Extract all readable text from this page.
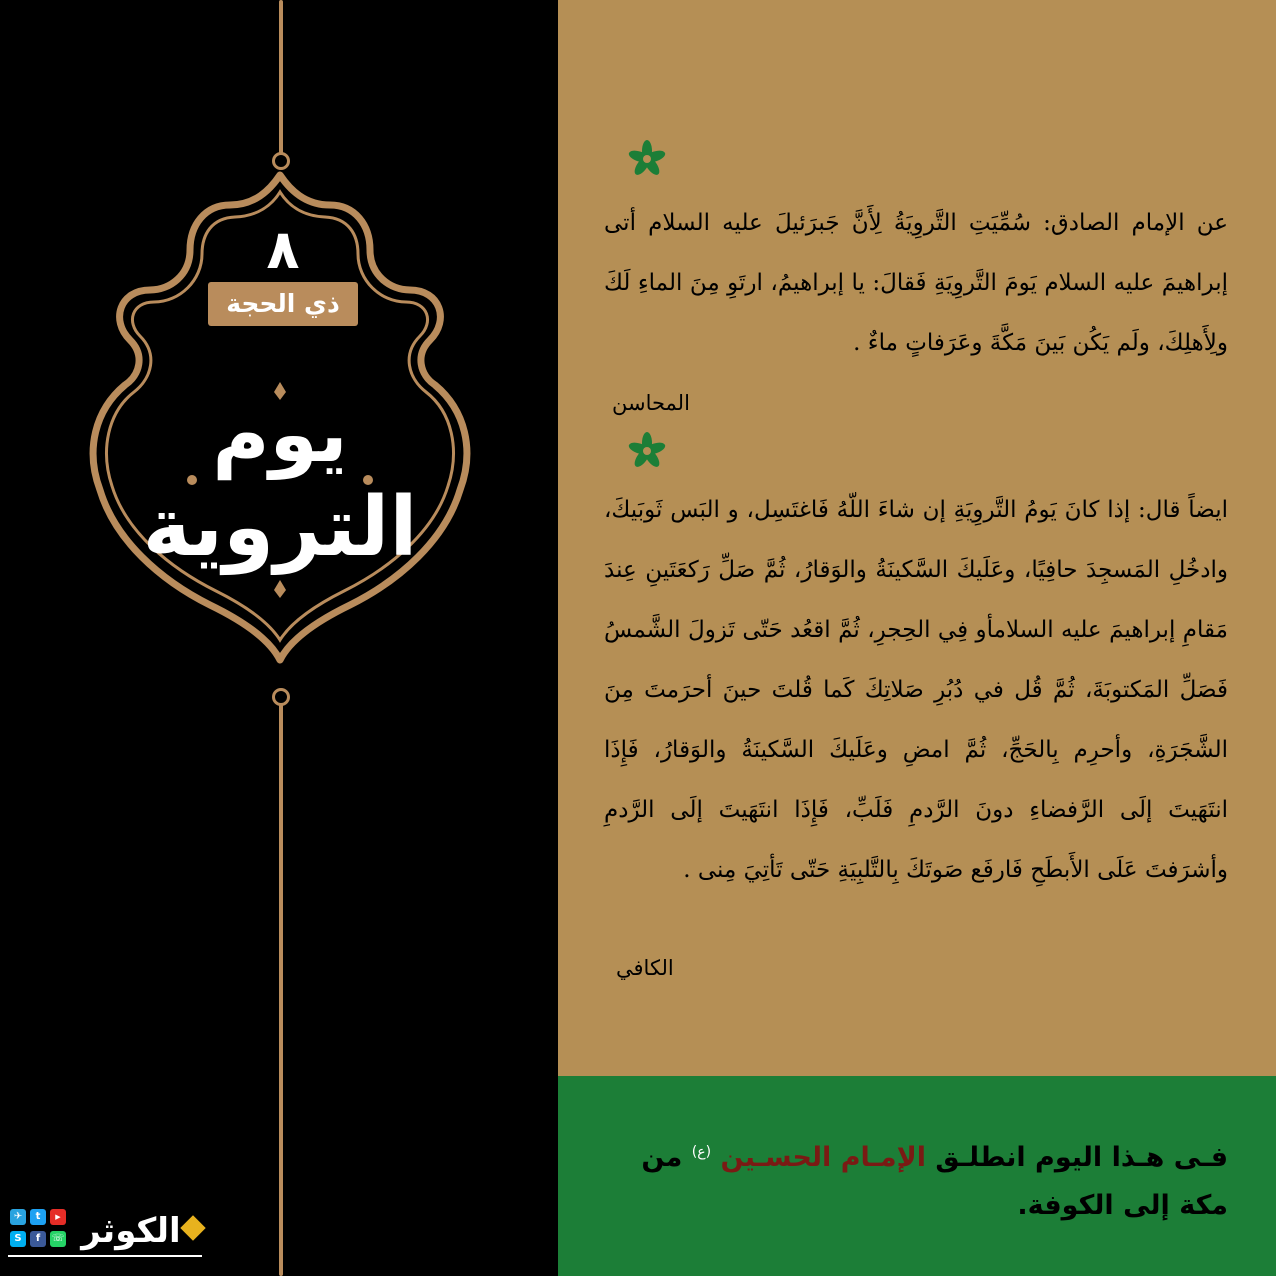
٨
ذي الحجة
يوم
التروية
✈	t	▶
S	f	☏ الكوثر

عن الإمام الصادق: سُمِّيَتِ التَّروِيَةُ لِأَنَّ جَبرَئيلَ عليه السلام أتى إبراهيمَ عليه السلام يَومَ التَّروِيَةِ فَقالَ: يا إبراهيمُ، ارتَوِ مِنَ الماءِ لَكَ ولِأَهلِكَ، ولَم يَكُن بَينَ مَكَّةَ وعَرَفاتٍ ماءٌ .

المحاسن

ايضاً قال: إذا كانَ يَومُ التَّروِيَةِ إن شاءَ اللّهُ فَاغتَسِل، و البَس ثَوبَيكَ، وادخُلِ المَسجِدَ حافِيًا، وعَلَيكَ السَّكينَةُ والوَقارُ، ثُمَّ صَلِّ رَكعَتَينِ عِندَ مَقامِ إبراهيمَ عليه السلامأو فِي الحِجرِ، ثُمَّ اقعُد حَتّى تَزولَ الشَّمسُ فَصَلِّ المَكتوبَةَ، ثُمَّ قُل في دُبُرِ صَلاتِكَ كَما قُلتَ حينَ أحرَمتَ مِنَ الشَّجَرَةِ، وأحرِم بِالحَجِّ، ثُمَّ امضِ وعَلَيكَ السَّكينَةُ والوَقارُ، فَإِذَا انتَهَيتَ إلَى الرَّفضاءِ دونَ الرَّدمِ فَلَبِّ، فَإِذَا انتَهَيتَ إلَى الرَّدمِ وأشرَفتَ عَلَى الأَبطَحِ فَارفَع صَوتَكَ بِالتَّلبِيَةِ حَتّى تَأتِيَ مِنى .

الكافي

فـى هـذا اليوم انطلـق الإمـام الحسـين $^{(ع)}$ من مكة إلى الكوفة.
